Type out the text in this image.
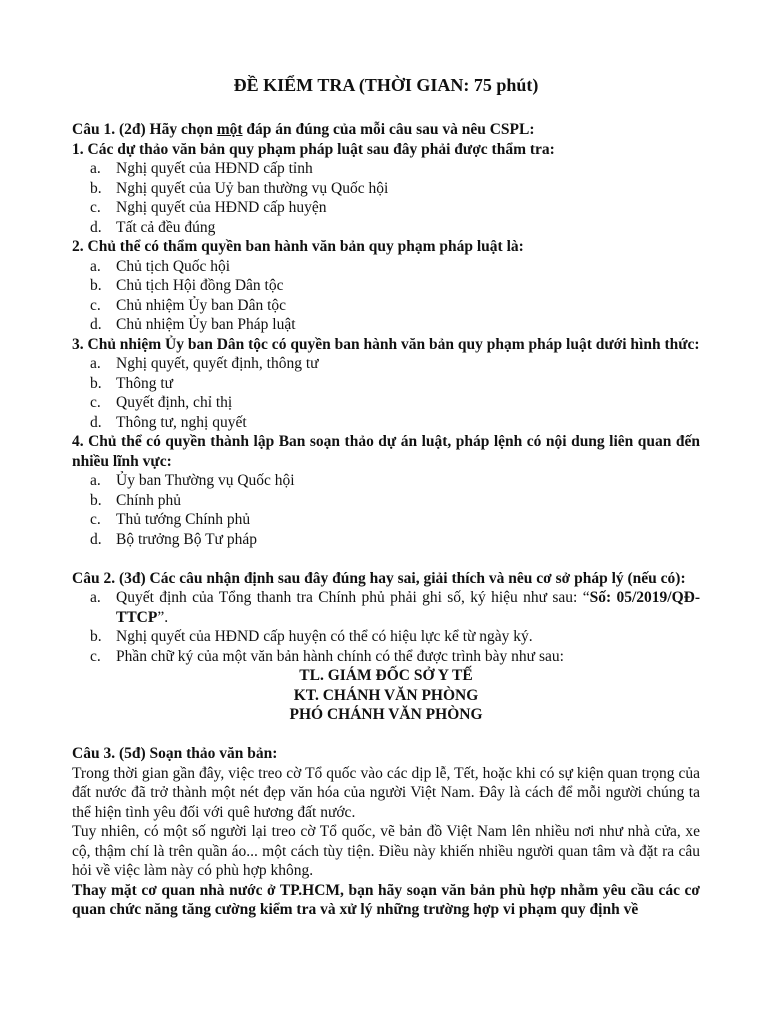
ĐỀ KIỂM TRA (THỜI GIAN: 75 phút)
Câu 1. (2đ) Hãy chọn một đáp án đúng của mỗi câu sau và nêu CSPL:
1. Các dự thảo văn bản quy phạm pháp luật sau đây phải được thẩm tra:
a. Nghị quyết của HĐND cấp tỉnh
b. Nghị quyết của Uỷ ban thường vụ Quốc hội
c. Nghị quyết của HĐND cấp huyện
d. Tất cả đều đúng
2. Chủ thể có thẩm quyền ban hành văn bản quy phạm pháp luật là:
a. Chủ tịch Quốc hội
b. Chủ tịch Hội đồng Dân tộc
c. Chủ nhiệm Ủy ban Dân tộc
d. Chủ nhiệm Ủy ban Pháp luật
3. Chủ nhiệm Ủy ban Dân tộc có quyền ban hành văn bản quy phạm pháp luật dưới hình thức:
a. Nghị quyết, quyết định, thông tư
b. Thông tư
c. Quyết định, chỉ thị
d. Thông tư, nghị quyết
4. Chủ thể có quyền thành lập Ban soạn thảo dự án luật, pháp lệnh có nội dung liên quan đến nhiều lĩnh vực:
a. Ủy ban Thường vụ Quốc hội
b. Chính phủ
c. Thủ tướng Chính phủ
d. Bộ trưởng Bộ Tư pháp
Câu 2. (3đ) Các câu nhận định sau đây đúng hay sai, giải thích và nêu cơ sở pháp lý (nếu có):
a. Quyết định của Tổng thanh tra Chính phủ phải ghi số, ký hiệu như sau: “Số: 05/2019/QĐ-TTCP”.
b. Nghị quyết của HĐND cấp huyện có thể có hiệu lực kể từ ngày ký.
c. Phần chữ ký của một văn bản hành chính có thể được trình bày như sau:
TL. GIÁM ĐỐC SỞ Y TẾ
KT. CHÁNH VĂN PHÒNG
PHÓ CHÁNH VĂN PHÒNG
Câu 3. (5đ) Soạn thảo văn bản:
Trong thời gian gần đây, việc treo cờ Tổ quốc vào các dịp lễ, Tết, hoặc khi có sự kiện quan trọng của đất nước đã trở thành một nét đẹp văn hóa của người Việt Nam. Đây là cách để mỗi người chúng ta thể hiện tình yêu đối với quê hương đất nước.
Tuy nhiên, có một số người lại treo cờ Tổ quốc, vẽ bản đồ Việt Nam lên nhiều nơi như nhà cửa, xe cộ, thậm chí là trên quần áo... một cách tùy tiện. Điều này khiến nhiều người quan tâm và đặt ra câu hỏi về việc làm này có phù hợp không.
Thay mặt cơ quan nhà nước ở TP.HCM, bạn hãy soạn văn bản phù hợp nhằm yêu cầu các cơ quan chức năng tăng cường kiểm tra và xử lý những trường hợp vi phạm quy định về
